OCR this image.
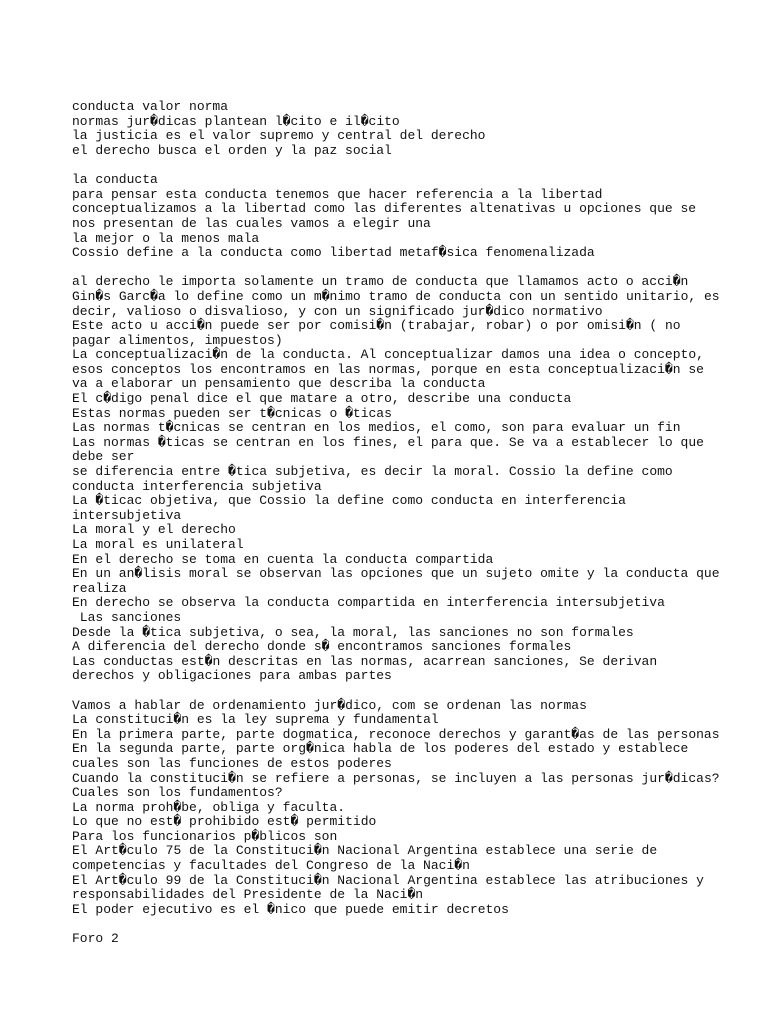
conducta valor norma
normas jur�dicas plantean l�cito e il�cito
la justicia es el valor supremo y central del derecho
el derecho busca el orden y la paz social
la conducta
para pensar esta conducta tenemos que hacer referencia a la libertad
conceptualizamos a la libertad como las diferentes altenativas u opciones que se
nos presentan de las cuales vamos a elegir una
la mejor o la menos mala
Cossio define a la conducta como libertad metaf�sica fenomenalizada
al derecho le importa solamente un tramo de conducta que llamamos acto o acci�n
Gin�s Garc�a lo define como un m�nimo tramo de conducta con un sentido unitario, es
decir, valioso o disvalioso, y con un significado jur�dico normativo
Este acto u acci�n puede ser por comisi�n (trabajar, robar) o por omisi�n ( no
pagar alimentos, impuestos)
La conceptualizaci�n de la conducta. Al conceptualizar damos una idea o concepto,
esos conceptos los encontramos en las normas, porque en esta conceptualizaci�n se
va a elaborar un pensamiento que describa la conducta
El c�digo penal dice el que matare a otro, describe una conducta
Estas normas pueden ser t�cnicas o �ticas
Las normas t�cnicas se centran en los medios, el como, son para evaluar un fin
Las normas �ticas se centran en los fines, el para que. Se va a establecer lo que
debe ser
se diferencia entre �tica subjetiva, es decir la moral. Cossio la define como
conducta interferencia subjetiva
La �ticac objetiva, que Cossio la define como conducta en interferencia
intersubjetiva
La moral y el derecho
La moral es unilateral
En el derecho se toma en cuenta la conducta compartida
En un an�lisis moral se observan las opciones que un sujeto omite y la conducta que
realiza
En derecho se observa la conducta compartida en interferencia intersubjetiva
Las sanciones
Desde la �tica subjetiva, o sea, la moral, las sanciones no son formales
A diferencia del derecho donde s� encontramos sanciones formales
Las conductas est�n descritas en las normas, acarrean sanciones, Se derivan
derechos y obligaciones para ambas partes
Vamos a hablar de ordenamiento jur�dico, com se ordenan las normas
La constituci�n es la ley suprema y fundamental
En la primera parte, parte dogmatica, reconoce derechos y garant�as de las personas
En la segunda parte, parte org�nica habla de los poderes del estado y establece
cuales son las funciones de estos poderes
Cuando la constituci�n se refiere a personas, se incluyen a las personas jur�dicas?
Cuales son los fundamentos?
La norma proh�be, obliga y faculta.
Lo que no est� prohibido est� permitido
Para los funcionarios p�blicos son
El Art�culo 75 de la Constituci�n Nacional Argentina establece una serie de
competencias y facultades del Congreso de la Naci�n
El Art�culo 99 de la Constituci�n Nacional Argentina establece las atribuciones y
responsabilidades del Presidente de la Naci�n
El poder ejecutivo es el �nico que puede emitir decretos
Foro 2
